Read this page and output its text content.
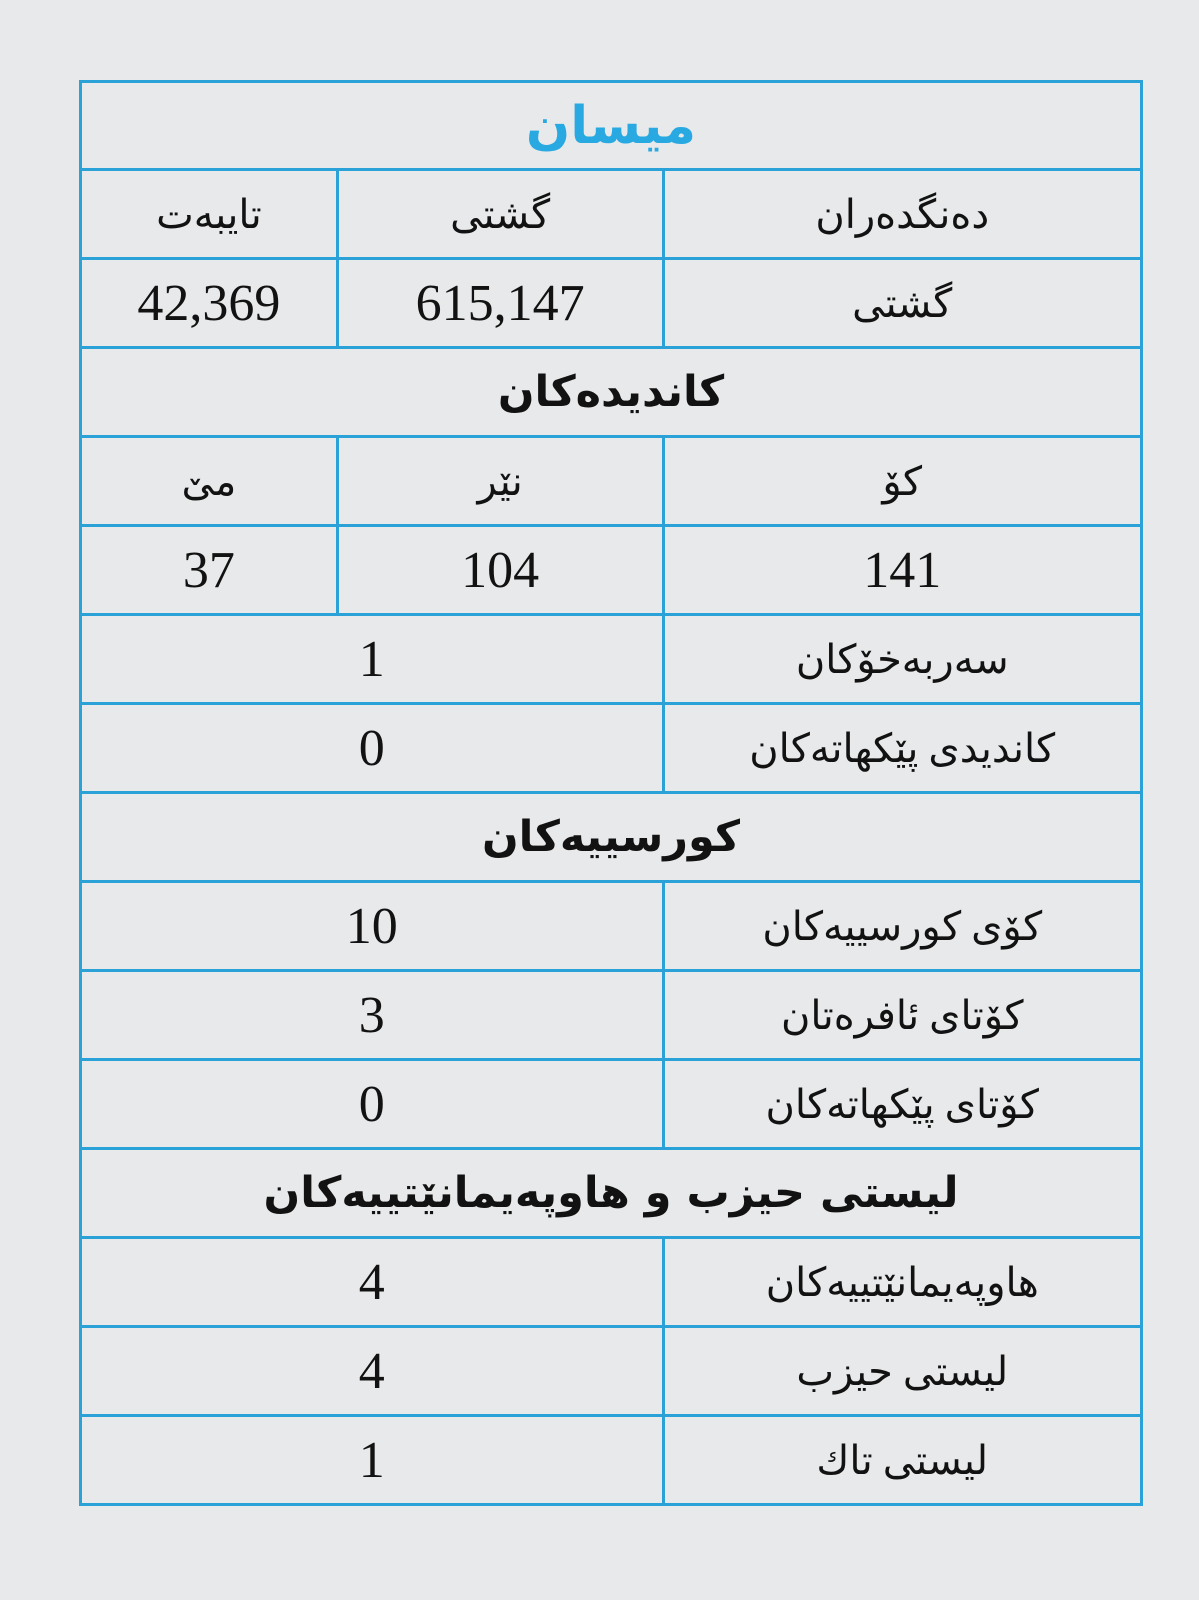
ميسان		
دەنگدەران	گشتی	تايبەت
گشتی	615,147	42,369
كانديدەكان		
كۆ	نێر	مێ
141	104	37
سەربەخۆكان	1	
كانديدی پێكهاتەكان	0	
كورسييەكان		
كۆی كورسييەكان	10	
كۆتای ئافرەتان	3	
كۆتای پێكهاتەكان	0	
ليستی حيزب و هاوپەيمانێتييەكان		
هاوپەيمانێتييەكان	4	
ليستی حيزب	4	
ليستی تاك	1	
